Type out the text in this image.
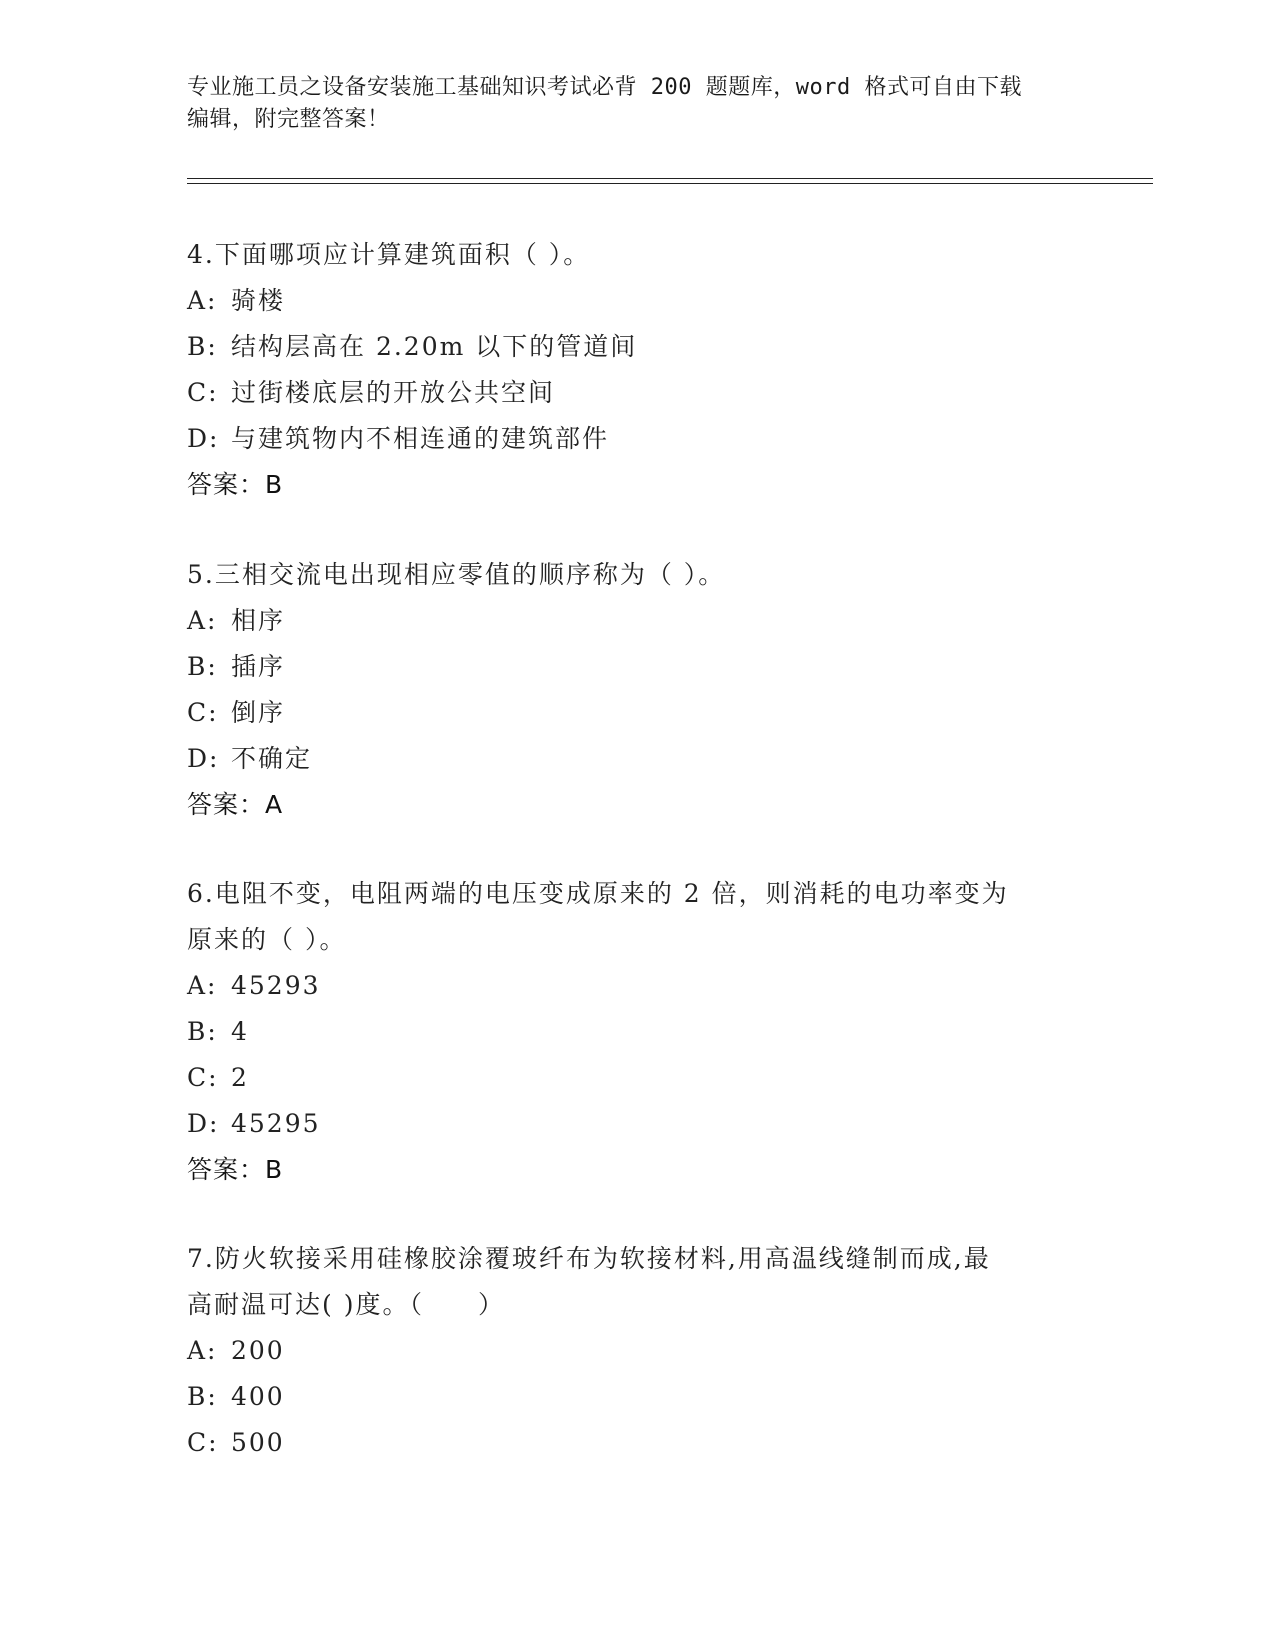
专业施工员之设备安装施工基础知识考试必背 200 题题库，word 格式可自由下载
编辑，附完整答案！
4.下面哪项应计算建筑面积（ ）。
A: 骑楼
B: 结构层高在 2.20m 以下的管道间
C: 过街楼底层的开放公共空间
D: 与建筑物内不相连通的建筑部件
答案：B
5.三相交流电出现相应零值的顺序称为（ ）。
A: 相序
B: 插序
C: 倒序
D: 不确定
答案：A
6.电阻不变，电阻两端的电压变成原来的 2 倍，则消耗的电功率变为
原来的（ ）。
A: 45293
B: 4
C: 2
D: 45295
答案：B
7.防火软接采用硅橡胶涂覆玻纤布为软接材料,用高温线缝制而成,最
高耐温可达( )度。（　　）
A: 200
B: 400
C: 500
